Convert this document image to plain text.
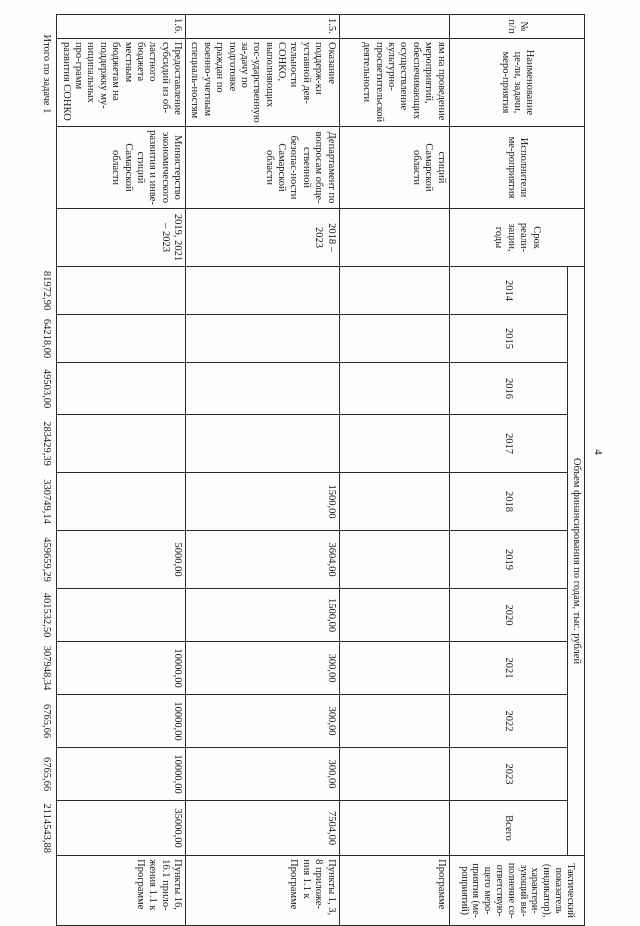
4
№ п/п	Наименование це-ли, задачи, меро-приятия	Исполнители ме-роприятия	Срок реали-зации, годы	Объем финансирования по годам, тыс. рублей											Тактический показатель (индикатор), характери-зующий вы-полнение со-ответствую-щего меро-приятия (ме-роприятий)
				2014	2015	2016	2017	2018	2019	2020	2021	2022	2023	Всего	
	ям на проведение мероприятий, обеспечивающих осуществление культурно-просветительской деятельности	стиций Самарской области													Программе
1.5.	Оказание поддерж-ки уставной дея-тельности СОНКО, выполняющих гос-ударственную за-дачу по подготовке граждан по военно-учетным специаль-ностям	Департамент по вопросам обще-ственной безопас-ности Самарской области	2018 – 2023					1500,00	3604,00	1500,00	300,00	300,00	300,00	7504,00	Пункты 1, 3, 8 приложе-ния 1.1 к Программе
1.6.	Предоставление субсидий из об-ластного бюджета местным бюджетам на поддержку му-ниципальных про-грамм развития СОНКО	Министерство экономического развития и инве-стиций Самарской области	2019, 2021 – 2023						5000,00		10000,00	10000,00	10000,00	35000,00	Пункты 16, 16.1 прило-жения 1.1 к Программе
Итого по задаче 1				81972,90	64218,00	49503,00	283429,39	330749,14	459659,29	401532,50	307948,34	6765,66	6765,66	2114543,88	
